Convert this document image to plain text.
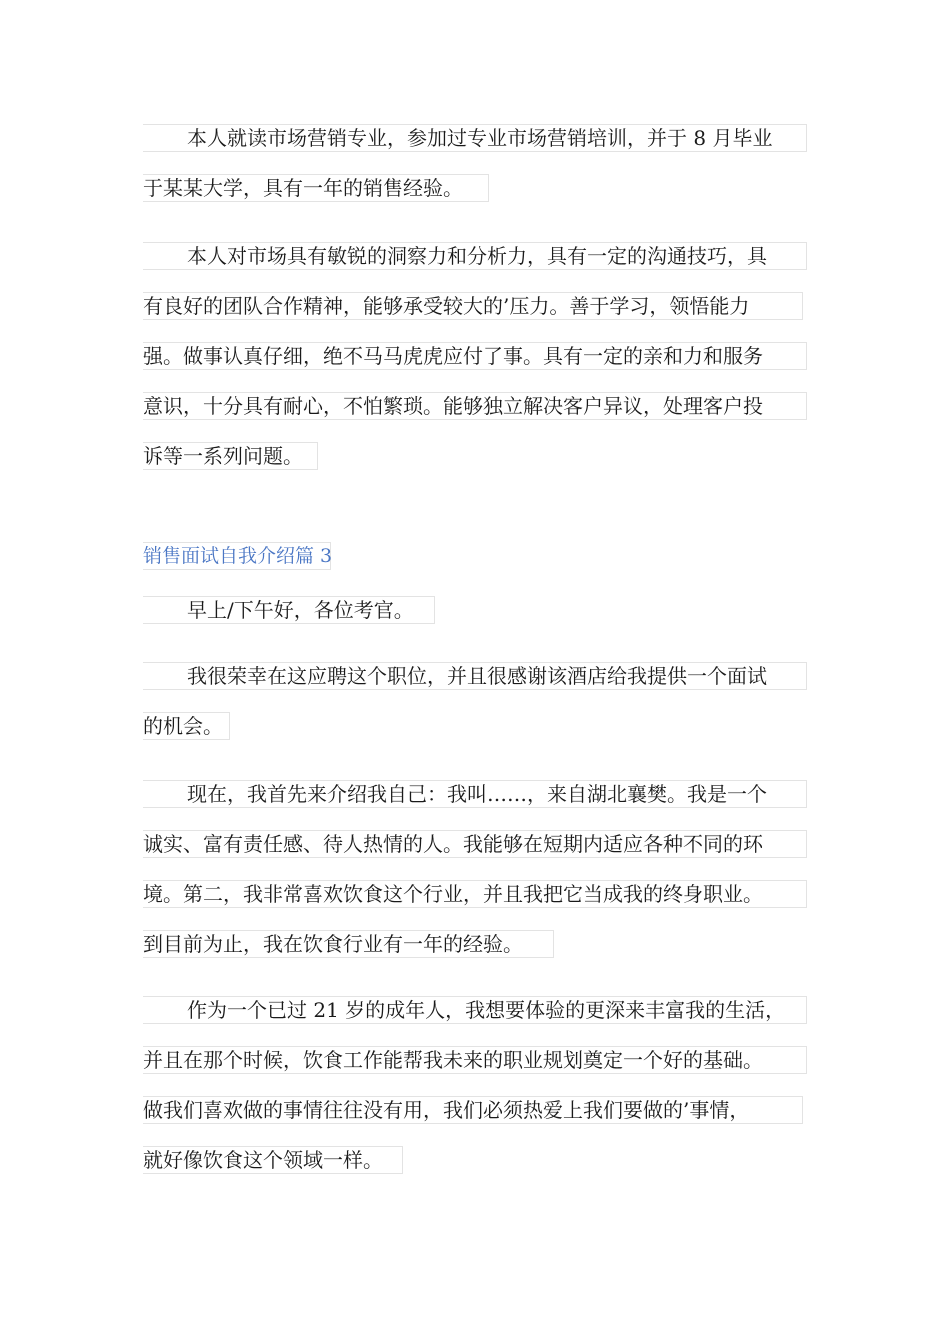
本人就读市场营销专业，参加过专业市场营销培训，并于 8 月毕业
于某某大学，具有一年的销售经验。
本人对市场具有敏锐的洞察力和分析力，具有一定的沟通技巧，具
有良好的团队合作精神，能够承受较大的’压力。善于学习，领悟能力
强。做事认真仔细，绝不马马虎虎应付了事。具有一定的亲和力和服务
意识，十分具有耐心，不怕繁琐。能够独立解决客户异议，处理客户投
诉等一系列问题。
销售面试自我介绍篇 3
早上/下午好，各位考官。
我很荣幸在这应聘这个职位，并且很感谢该酒店给我提供一个面试
的机会。
现在，我首先来介绍我自己：我叫……，来自湖北襄樊。我是一个
诚实、富有责任感、待人热情的人。我能够在短期内适应各种不同的环
境。第二，我非常喜欢饮食这个行业，并且我把它当成我的终身职业。
到目前为止，我在饮食行业有一年的经验。
作为一个已过 21 岁的成年人，我想要体验的更深来丰富我的生活，
并且在那个时候，饮食工作能帮我未来的职业规划奠定一个好的基础。
做我们喜欢做的事情往往没有用，我们必须热爱上我们要做的’事情，
就好像饮食这个领域一样。
